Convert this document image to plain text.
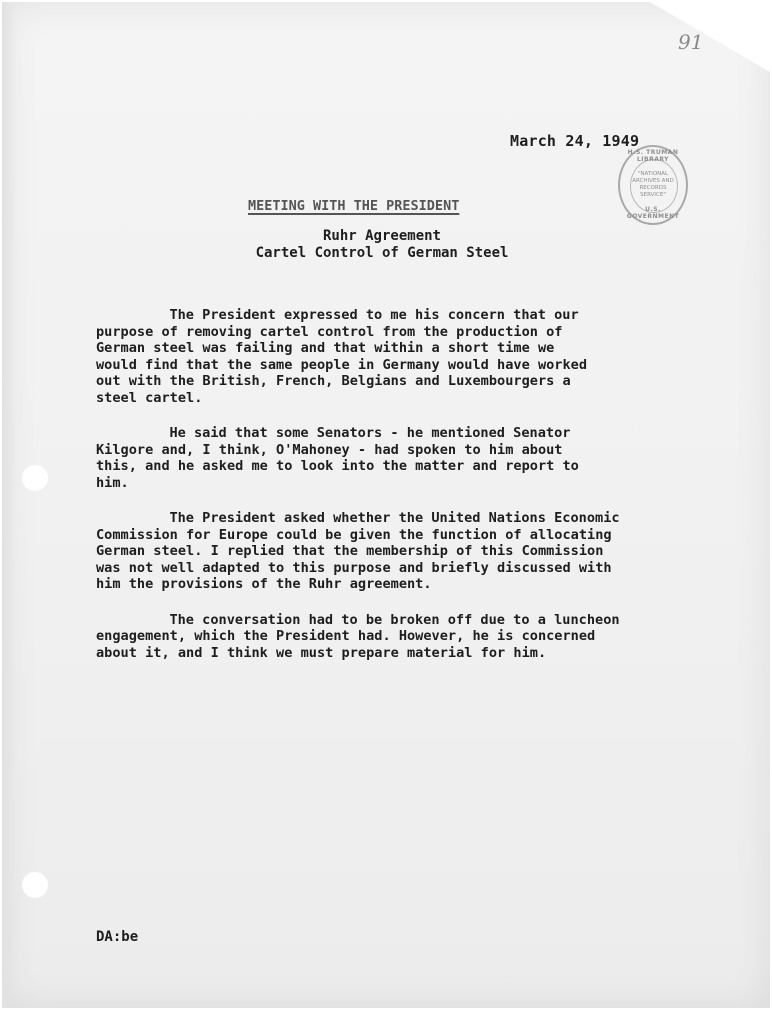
91
March 24, 1949
H.S. TRUMAN LIBRARY
"NATIONAL
ARCHIVES AND
RECORDS
SERVICE"
U.S. GOVERNMENT
MEETING WITH THE PRESIDENT
Ruhr Agreement
Cartel Control of German Steel

The President expressed to me his concern that our
purpose of removing cartel control from the production of
German steel was failing and that within a short time we
would find that the same people in Germany would have worked
out with the British, French, Belgians and Luxembourgers a
steel cartel.

He said that some Senators - he mentioned Senator
Kilgore and, I think, O'Mahoney - had spoken to him about
this, and he asked me to look into the matter and report to
him.

The President asked whether the United Nations Economic
Commission for Europe could be given the function of allocating
German steel. I replied that the membership of this Commission
was not well adapted to this purpose and briefly discussed with
him the provisions of the Ruhr agreement.

The conversation had to be broken off due to a luncheon
engagement, which the President had. However, he is concerned
about it, and I think we must prepare material for him.

DA:be
